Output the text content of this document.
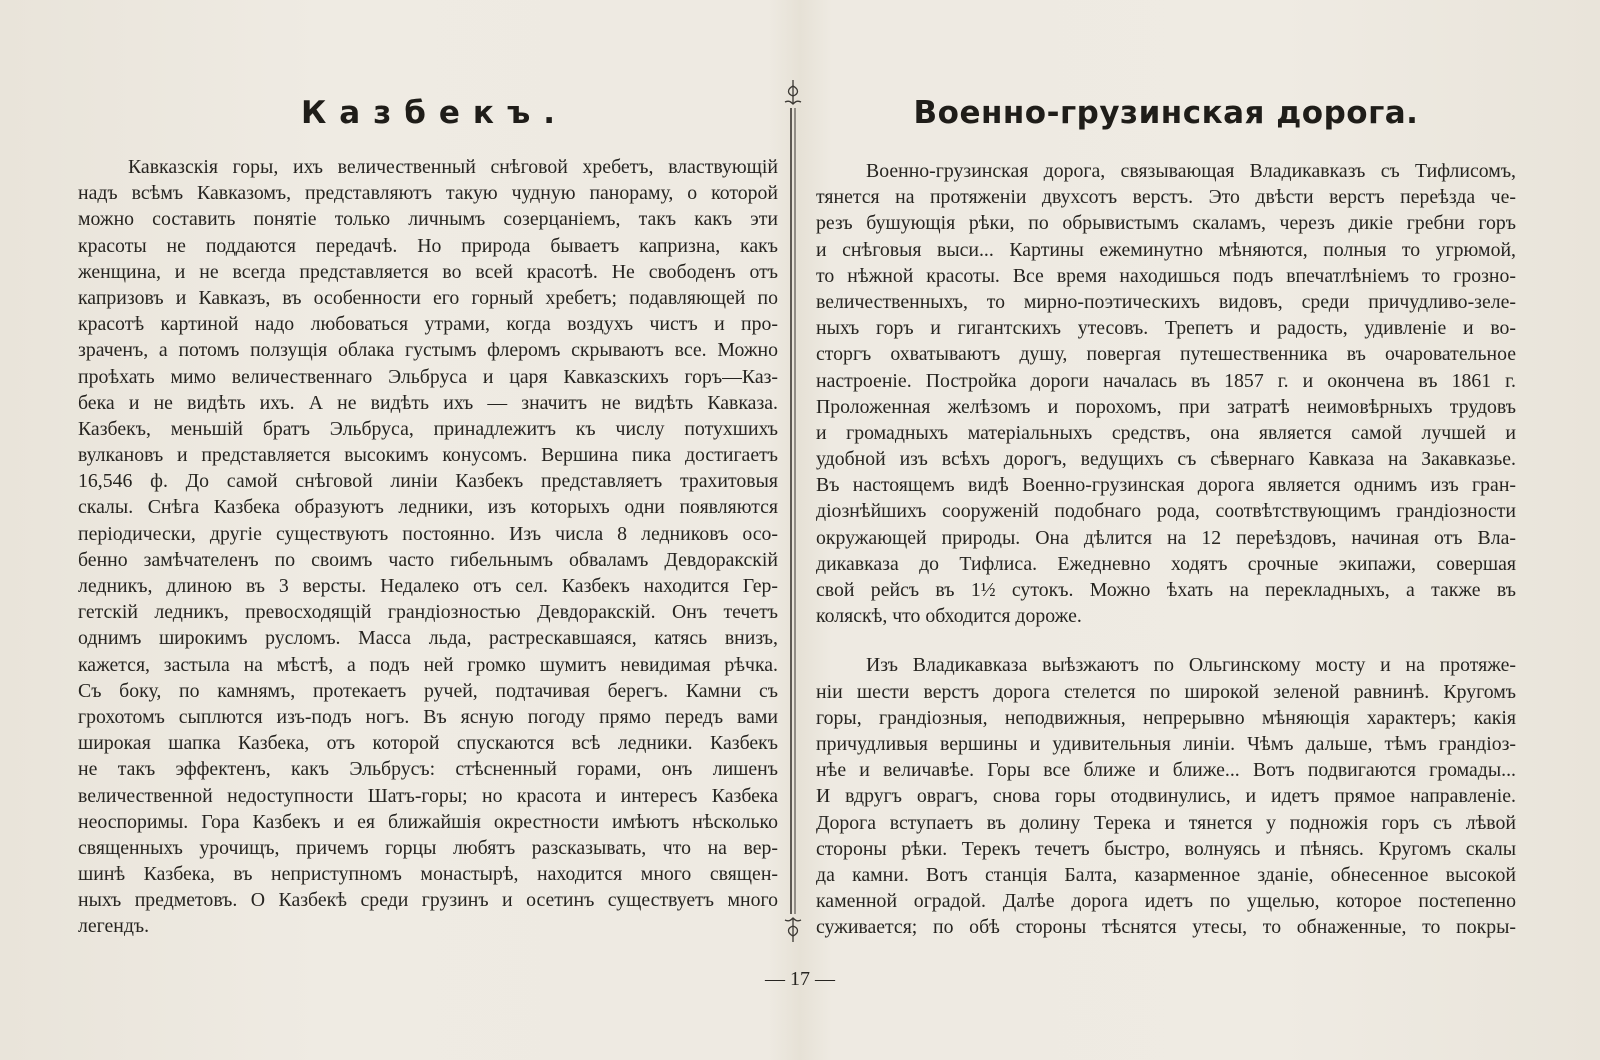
Казбекъ.
Кавказскія горы, ихъ величественный снѣговой хребетъ, властвующій
надъ всѣмъ Кавказомъ, представляютъ такую чудную панораму, о которой
можно составить понятіе только личнымъ созерцаніемъ, такъ какъ эти
красоты не поддаются передачѣ. Но природа бываетъ капризна, какъ
женщина, и не всегда представляется во всей красотѣ. Не свободенъ отъ
капризовъ и Кавказъ, въ особенности его горный хребетъ; подавляющей по
красотѣ картиной надо любоваться утрами, когда воздухъ чистъ и про-
зраченъ, а потомъ ползущія облака густымъ флеромъ скрываютъ все. Можно
проѣхать мимо величественнаго Эльбруса и царя Кавказскихъ горъ—Каз-
бека и не видѣть ихъ. А не видѣть ихъ — значитъ не видѣть Кавказа.
Казбекъ, меньшій братъ Эльбруса, принадлежитъ къ числу потухшихъ
вулкановъ и представляется высокимъ конусомъ. Вершина пика достигаетъ
16,546 ф. До самой снѣговой линіи Казбекъ представляетъ трахитовыя
скалы. Снѣга Казбека образуютъ ледники, изъ которыхъ одни появляются
періодически, другіе существуютъ постоянно. Изъ числа 8 ледниковъ осо-
бенно замѣчателенъ по своимъ часто гибельнымъ обваламъ Девдоракскій
ледникъ, длиною въ 3 версты. Недалеко отъ сел. Казбекъ находится Гер-
гетскій ледникъ, превосходящій грандіозностью Девдоракскій. Онъ течетъ
однимъ широкимъ русломъ. Масса льда, растрескавшаяся, катясь внизъ,
кажется, застыла на мѣстѣ, а подъ ней громко шумитъ невидимая рѣчка.
Съ боку, по камнямъ, протекаетъ ручей, подтачивая берегъ. Камни съ
грохотомъ сыплются изъ-подъ ногъ. Въ ясную погоду прямо передъ вами
широкая шапка Казбека, отъ которой спускаются всѣ ледники. Казбекъ
не такъ эффектенъ, какъ Эльбрусъ: стѣсненный горами, онъ лишенъ
величественной недоступности Шатъ-горы; но красота и интересъ Казбека
неоспоримы. Гора Казбекъ и ея ближайшія окрестности имѣютъ нѣсколько
священныхъ урочищъ, причемъ горцы любятъ разсказывать, что на вер-
шинѣ Казбека, въ неприступномъ монастырѣ, находится много священ-
ныхъ предметовъ. О Казбекѣ среди грузинъ и осетинъ существуетъ много
легендъ.
Военно-грузинская дорога.
Военно-грузинская дорога, связывающая Владикавказъ съ Тифлисомъ,
тянется на протяженіи двухсотъ верстъ. Это двѣсти верстъ переѣзда че-
резъ бушующія рѣки, по обрывистымъ скаламъ, черезъ дикіе гребни горъ
и снѣговыя выси... Картины ежеминутно мѣняются, полныя то угрюмой,
то нѣжной красоты. Все время находишься подъ впечатлѣніемъ то грозно-
величественныхъ, то мирно-поэтическихъ видовъ, среди причудливо-зеле-
ныхъ горъ и гигантскихъ утесовъ. Трепетъ и радость, удивленіе и во-
сторгъ охватываютъ душу, повергая путешественника въ очаровательное
настроеніе. Постройка дороги началась въ 1857 г. и окончена въ 1861 г.
Проложенная желѣзомъ и порохомъ, при затратѣ неимовѣрныхъ трудовъ
и громадныхъ матеріальныхъ средствъ, она является самой лучшей и
удобной изъ всѣхъ дорогъ, ведущихъ съ сѣвернаго Кавказа на Закавказье.
Въ настоящемъ видѣ Военно-грузинская дорога является однимъ изъ гран-
діознѣйшихъ сооруженій подобнаго рода, соотвѣтствующимъ грандіозности
окружающей природы. Она дѣлится на 12 переѣздовъ, начиная отъ Вла-
дикавказа до Тифлиса. Ежедневно ходятъ срочные экипажи, совершая
свой рейсъ въ 1½ сутокъ. Можно ѣхать на перекладныхъ, а также въ
коляскѣ, что обходится дороже.
Изъ Владикавказа выѣзжаютъ по Ольгинскому мосту и на протяже-
ніи шести верстъ дорога стелется по широкой зеленой равнинѣ. Кругомъ
горы, грандіозныя, неподвижныя, непрерывно мѣняющія характеръ; какія
причудливыя вершины и удивительныя линіи. Чѣмъ дальше, тѣмъ грандіоз-
нѣе и величавѣе. Горы все ближе и ближе... Вотъ подвигаются громады...
И вдругъ оврагъ, снова горы отодвинулись, и идетъ прямое направленіе.
Дорога вступаетъ въ долину Терека и тянется у подножія горъ съ лѣвой
стороны рѣки. Терекъ течетъ быстро, волнуясь и пѣнясь. Кругомъ скалы
да камни. Вотъ станція Балта, казарменное зданіе, обнесенное высокой
каменной оградой. Далѣе дорога идетъ по ущелью, которое постепенно
суживается; по обѣ стороны тѣснятся утесы, то обнаженные, то покры-
— 17 —
